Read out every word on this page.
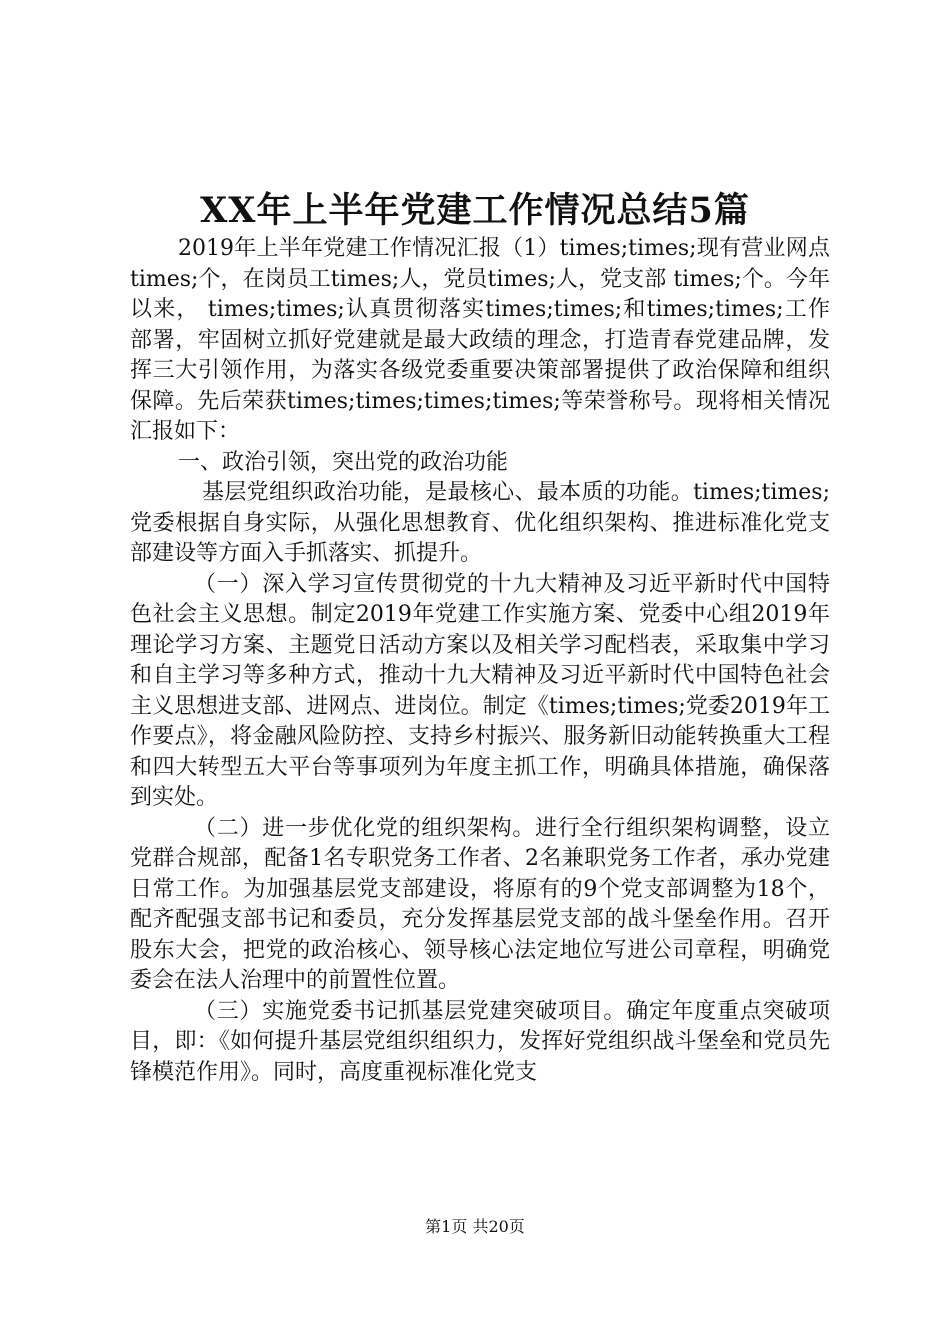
XX年上半年党建工作情况总结5篇

2019年上半年党建工作情况汇报（1）times;times;现有营业网点times;个，在岗员工times;人，党员times;人，党支部 times;个。今年以来， times;times;认真贯彻落实times;times;和times;times;工作部署，牢固树立抓好党建就是最大政绩的理念，打造青春党建品牌，发挥三大引领作用，为落实各级党委重要决策部署提供了政治保障和组织保障。先后荣获times;times;times;times;等荣誉称号。现将相关情况汇报如下：

一、政治引领，突出党的政治功能

基层党组织政治功能，是最核心、最本质的功能。times;times;党委根据自身实际，从强化思想教育、优化组织架构、推进标准化党支部建设等方面入手抓落实、抓提升。

（一）深入学习宣传贯彻党的十九大精神及习近平新时代中国特色社会主义思想。制定2019年党建工作实施方案、党委中心组2019年理论学习方案、主题党日活动方案以及相关学习配档表，采取集中学习和自主学习等多种方式，推动十九大精神及习近平新时代中国特色社会主义思想进支部、进网点、进岗位。制定《times;times;党委2019年工作要点》，将金融风险防控、支持乡村振兴、服务新旧动能转换重大工程和四大转型五大平台等事项列为年度主抓工作，明确具体措施，确保落到实处。

（二）进一步优化党的组织架构。进行全行组织架构调整，设立党群合规部，配备1名专职党务工作者、2名兼职党务工作者，承办党建日常工作。为加强基层党支部建设，将原有的9个党支部调整为18个，配齐配强支部书记和委员，充分发挥基层党支部的战斗堡垒作用。召开股东大会，把党的政治核心、领导核心法定地位写进公司章程，明确党委会在法人治理中的前置性位置。

（三）实施党委书记抓基层党建突破项目。确定年度重点突破项目，即：《如何提升基层党组织组织力，发挥好党组织战斗堡垒和党员先锋模范作用》。同时，高度重视标准化党支

第1页 共20页
